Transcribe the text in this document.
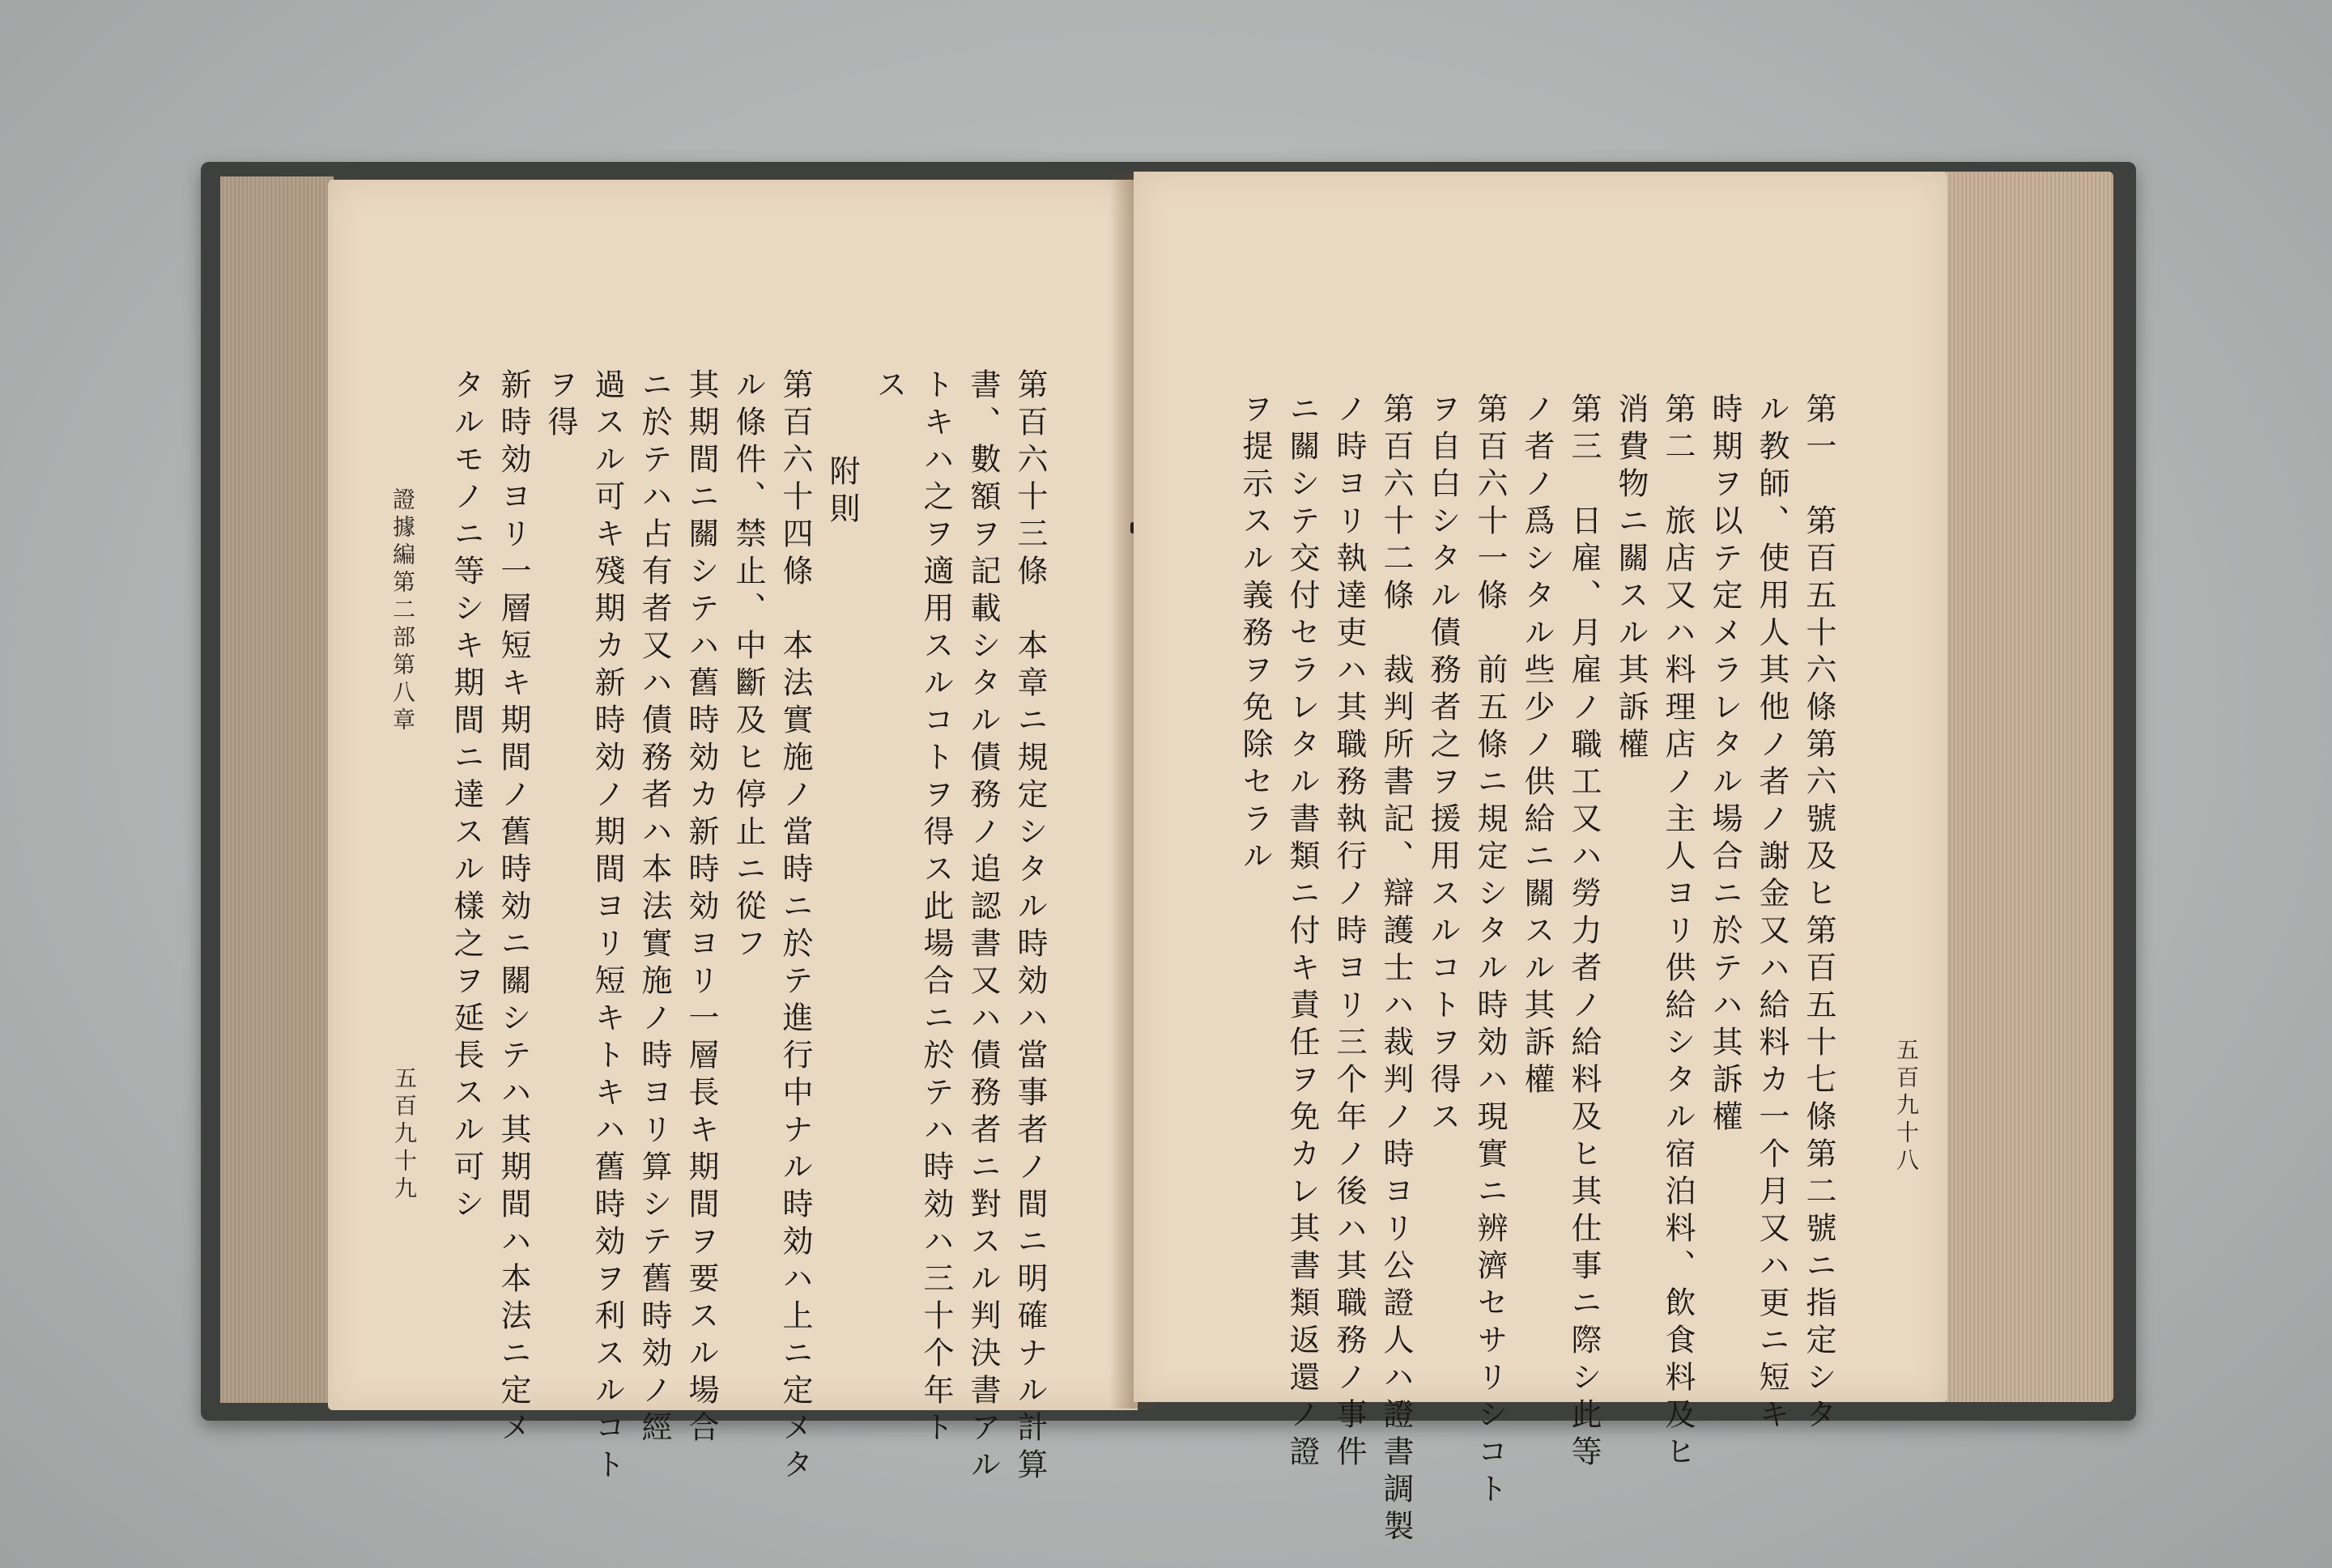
第百六十三條　本章ニ規定シタル時効ハ當事者ノ間ニ明確ナル計算
書、數額ヲ記載シタル債務ノ追認書又ハ債務者ニ對スル判決書アル
トキハ之ヲ適用スルコトヲ得ス此場合ニ於テハ時効ハ三十个年ト
ス
附則
第百六十四條　本法實施ノ當時ニ於テ進行中ナル時効ハ上ニ定メタ
ル條件、禁止、中斷及ヒ停止ニ從フ
其期間ニ關シテハ舊時効カ新時効ヨリ一層長キ期間ヲ要スル場合
ニ於テハ占有者又ハ債務者ハ本法實施ノ時ヨリ算シテ舊時効ノ經
過スル可キ殘期カ新時効ノ期間ヨリ短キトキハ舊時効ヲ利スルコト
ヲ得
新時効ヨリ一層短キ期間ノ舊時効ニ關シテハ其期間ハ本法ニ定メ
タルモノニ等シキ期間ニ達スル樣之ヲ延長スル可シ
證據編第二部第八章
五百九十九	第一　第百五十六條第六號及ヒ第百五十七條第二號ニ指定シタ
ル教師、使用人其他ノ者ノ謝金又ハ給料カ一个月又ハ更ニ短キ
時期ヲ以テ定メラレタル場合ニ於テハ其訴權
第二　旅店又ハ料理店ノ主人ヨリ供給シタル宿泊料、飲食料及ヒ
消費物ニ關スル其訴權
第三　日雇、月雇ノ職工又ハ勞力者ノ給料及ヒ其仕事ニ際シ此等
ノ者ノ爲シタル些少ノ供給ニ關スル其訴權
第百六十一條　前五條ニ規定シタル時効ハ現實ニ辨濟セサリシコト
ヲ自白シタル債務者之ヲ援用スルコトヲ得ス
第百六十二條　裁判所書記、辯護士ハ裁判ノ時ヨリ公證人ハ證書調製
ノ時ヨリ執達吏ハ其職務執行ノ時ヨリ三个年ノ後ハ其職務ノ事件
ニ關シテ交付セラレタル書類ニ付キ責任ヲ免カレ其書類返還ノ證
ヲ提示スル義務ヲ免除セラル
五百九十八
